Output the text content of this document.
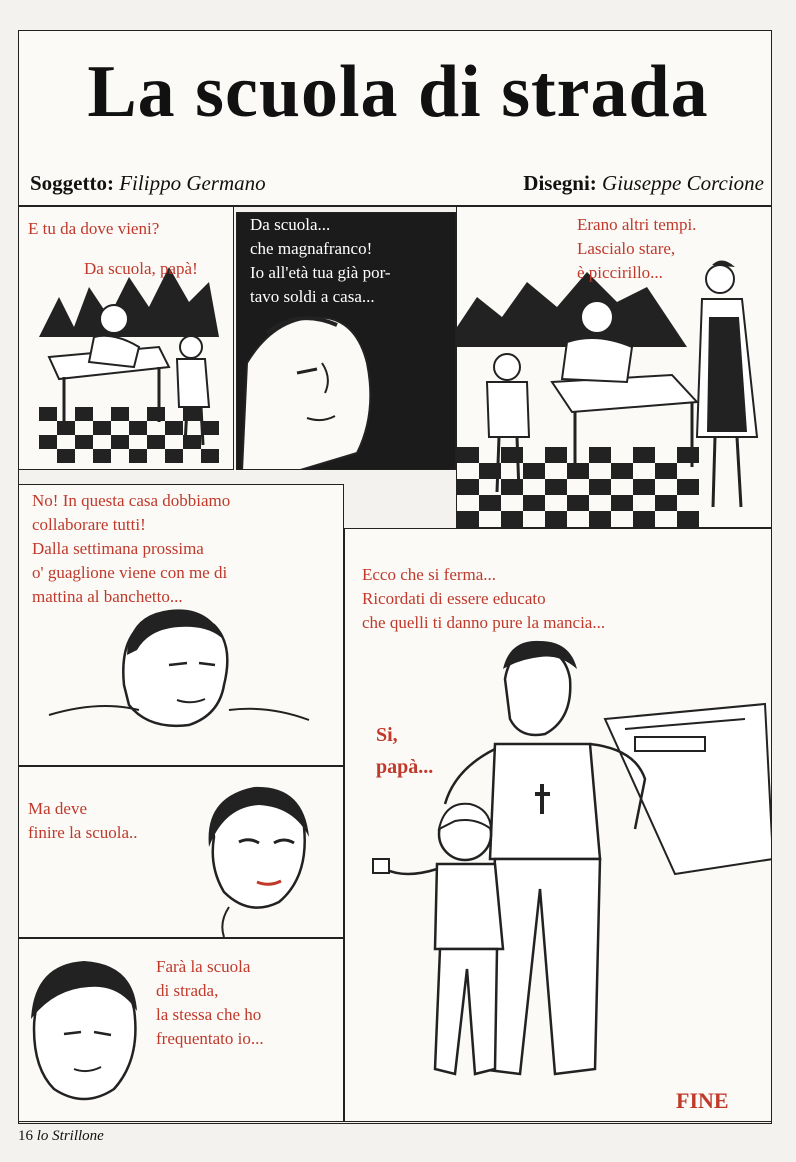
La scuola di strada
Soggetto: Filippo Germano	Disegni: Giuseppe Corcione
E tu da dove vieni?
Da scuola, papà!
Da scuola...
che magnafranco!
Io all'età tua già por-
tavo soldi a casa...
Erano altri tempi.
Lascialo stare,
è piccirillo...
No! In questa casa dobbiamo
collaborare tutti!
Dalla settimana prossima
o' guaglione viene con me di
mattina al banchetto...
Ma deve
finire la scuola..
Farà la scuola
di strada,
la stessa che ho
frequentato io...
Ecco che si ferma...
Ricordati di essere educato
che quelli ti danno pure la mancia...
Si,
papà...
FINE
16 lo Strillone
